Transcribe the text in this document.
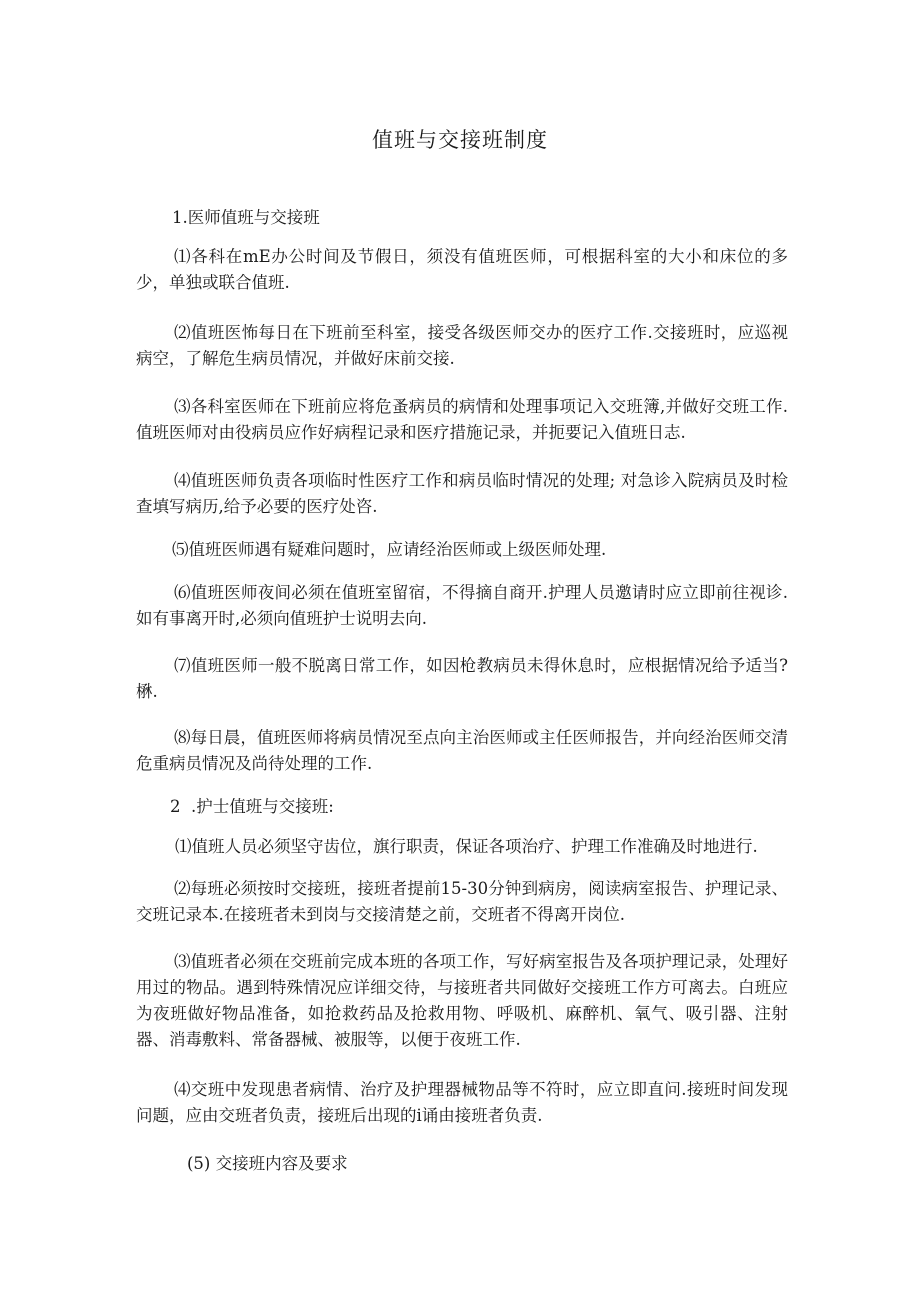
值班与交接班制度

1.医师值班与交接班

⑴各科在mE办公时间及节假日，须没有值班医师，可根据科室的大小和床位的多少，单独或联合值班.

⑵值班医怖每日在下班前至科室，接受各级医师交办的医疗工作.交接班时，应巡视病空，了解危生病员情况，并做好床前交接.

⑶各科室医师在下班前应将危蚤病员的病情和处理事项记入交班簿,并做好交班工作.值班医师对由役病员应作好病程记录和医疗措施记录，并扼要记入值班日志.

⑷值班医师负责各项临时性医疗工作和病员临时情况的处理; 对急诊入院病员及时检查填写病历,给予必要的医疗处咨.

⑸值班医师遇有疑难问题时，应请经治医师或上级医师处理.

⑹值班医师夜间必须在值班室留宿，不得摘自商开.护理人员邀请时应立即前往视诊.如有事离开时,必须向值班护士说明去向.

⑺值班医师一般不脱离日常工作，如因枪教病员未得休息时，应根据情况给予适当?楙.

⑻每日晨，值班医师将病员情况至点向主治医师或主任医师报告，并向经治医师交清危重病员情况及尚待处理的工作.

2  .护士值班与交接班:

⑴值班人员必须坚守齿位，旗行职责，保证各项治疗、护理工作准确及时地进行.

⑵每班必须按时交接班，接班者提前15-30分钟到病房，阅读病室报告、护理记录、交班记录本.在接班者未到岗与交接清楚之前，交班者不得离开岗位.

⑶值班者必须在交班前完成本班的各项工作，写好病室报告及各项护理记录，处理好用过的物品。遇到特殊情况应详细交待，与接班者共同做好交接班工作方可离去。白班应为夜班做好物品准备，如抢救药品及抢救用物、呼吸机、麻醉机、氧气、吸引器、注射器、消毒敷料、常备器械、被服等，以便于夜班工作.

⑷交班中发现患者病情、治疗及护理器械物品等不符时，应立即直问.接班时间发现问题，应由交班者负责，接班后出现的i诵由接班者负责.

(5) 交接班内容及要求
